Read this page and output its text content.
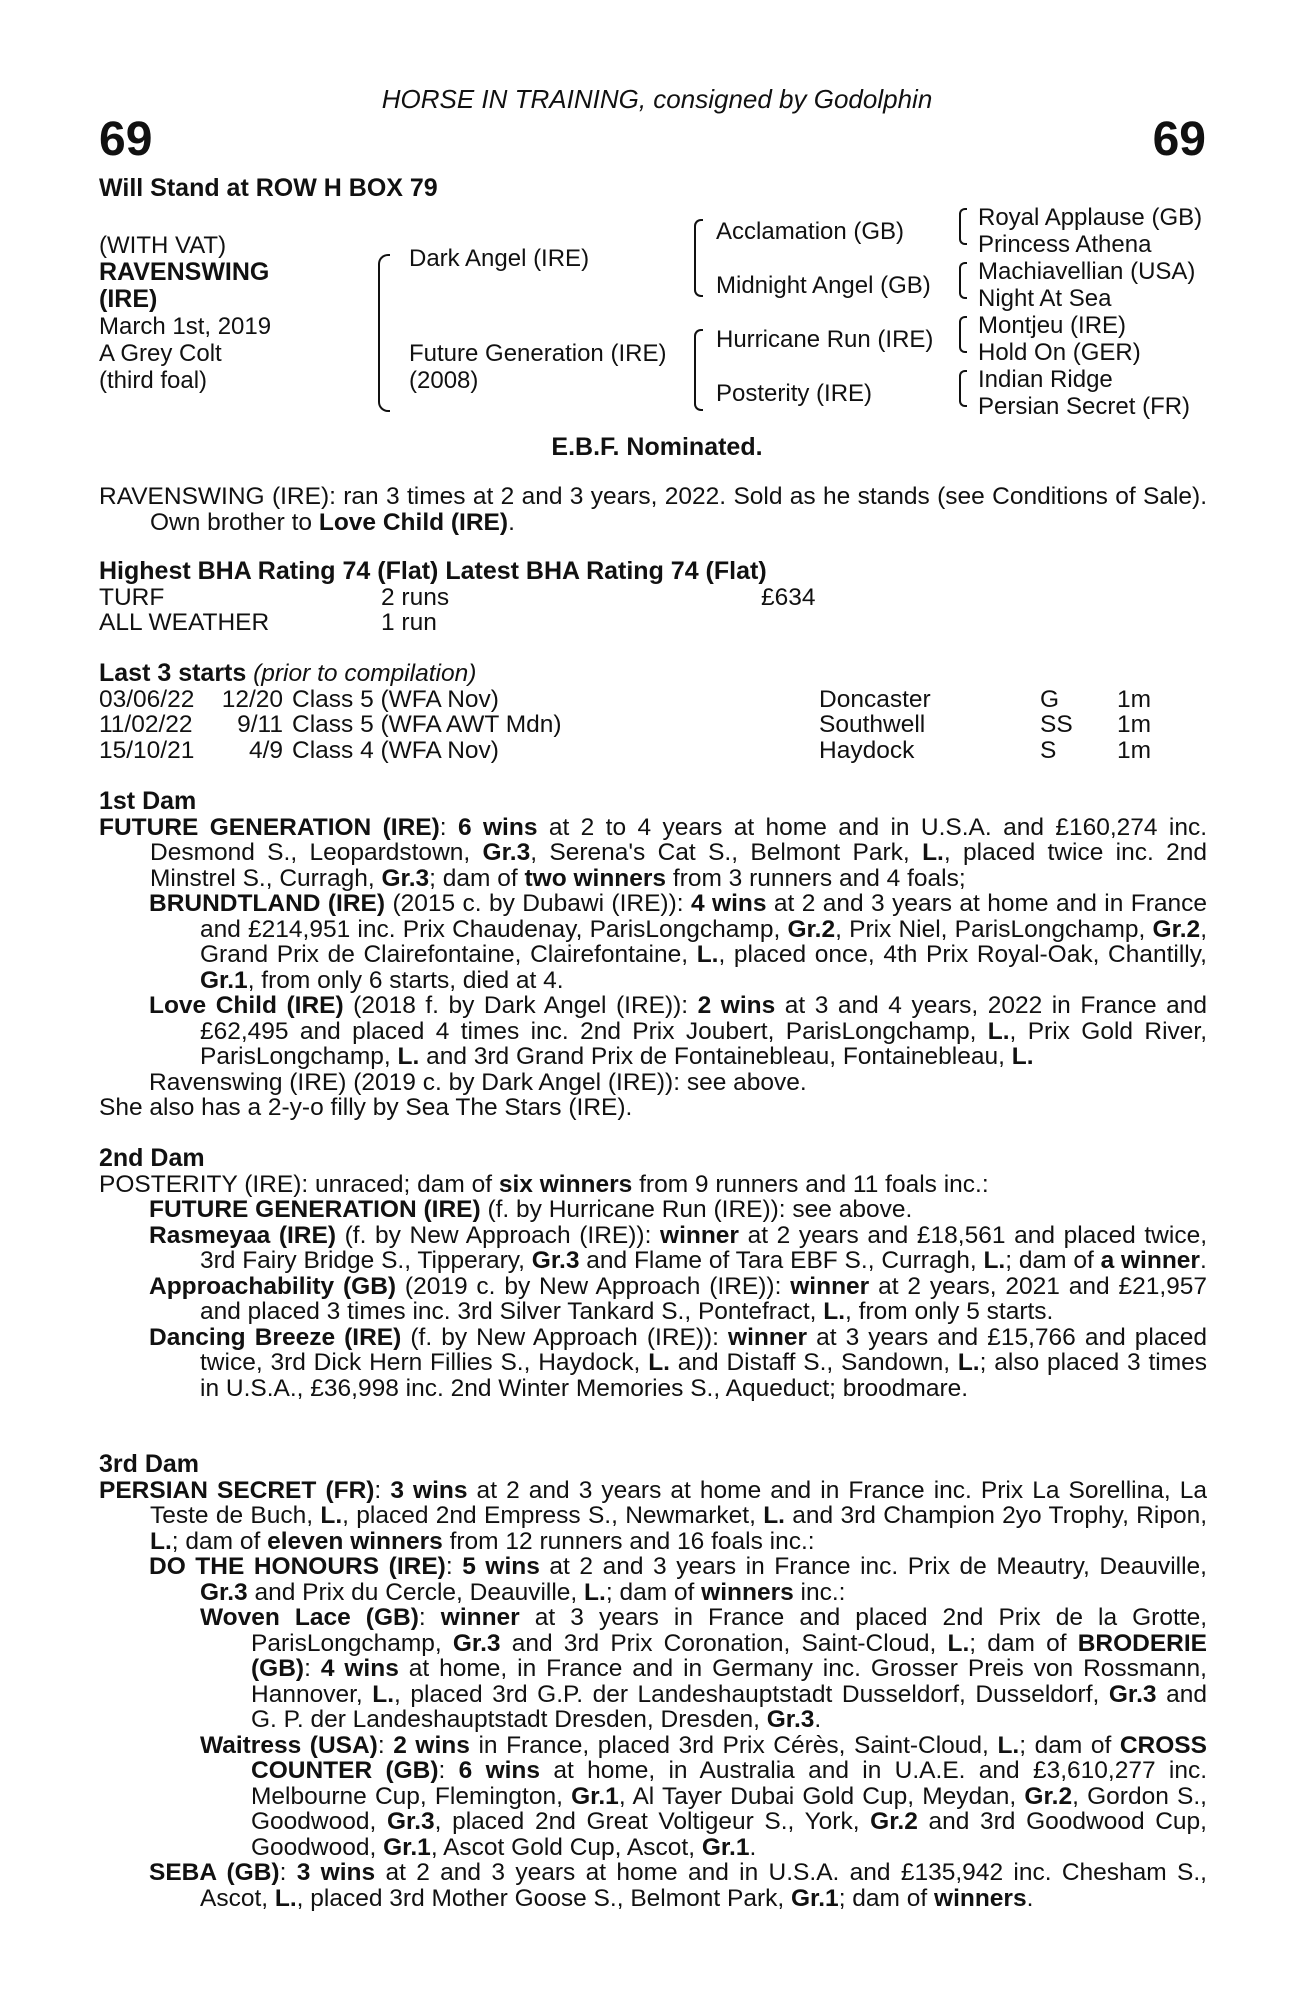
HORSE IN TRAINING, consigned by Godolphin
69	69
Will Stand at ROW H BOX 79
(WITH VAT)
RAVENSWING
(IRE)
March 1st, 2019
A Grey Colt
(third foal)
Dark Angel (IRE)
Future Generation (IRE)
(2008)
Acclamation (GB)
Midnight Angel (GB)
Hurricane Run (IRE)
Posterity (IRE)
Royal Applause (GB)
Princess Athena
Machiavellian (USA)
Night At Sea
Montjeu (IRE)
Hold On (GER)
Indian Ridge
Persian Secret (FR)
E.B.F. Nominated.

RAVENSWING (IRE): ran 3 times at 2 and 3 years, 2022. Sold as he stands (see Conditions of Sale). Own brother to Love Child (IRE).

Highest BHA Rating 74 (Flat) Latest BHA Rating 74 (Flat)
TURF	2 runs	£634
ALL WEATHER	1 run
Last 3 starts (prior to compilation)
03/06/22	12/20 Class 5 (WFA Nov)	Doncaster	G 1m
11/02/22	9/11 Class 5 (WFA AWT Mdn)	Southwell	SS 1m
15/10/21	4/9 Class 4 (WFA Nov)	Haydock	S 1m
1st Dam

FUTURE GENERATION (IRE): 6 wins at 2 to 4 years at home and in U.S.A. and £160,274 inc. Desmond S., Leopardstown, Gr.3, Serena's Cat S., Belmont Park, L., placed twice inc. 2nd Minstrel S., Curragh, Gr.3; dam of two winners from 3 runners and 4 foals;

BRUNDTLAND (IRE) (2015 c. by Dubawi (IRE)): 4 wins at 2 and 3 years at home and in France and £214,951 inc. Prix Chaudenay, ParisLongchamp, Gr.2, Prix Niel, ParisLongchamp, Gr.2, Grand Prix de Clairefontaine, Clairefontaine, L., placed once, 4th Prix Royal-Oak, Chantilly, Gr.1, from only 6 starts, died at 4.

Love Child (IRE) (2018 f. by Dark Angel (IRE)): 2 wins at 3 and 4 years, 2022 in France and £62,495 and placed 4 times inc. 2nd Prix Joubert, ParisLongchamp, L., Prix Gold River, ParisLongchamp, L. and 3rd Grand Prix de Fontainebleau, Fontainebleau, L.

Ravenswing (IRE) (2019 c. by Dark Angel (IRE)): see above.

She also has a 2-y-o filly by Sea The Stars (IRE).

2nd Dam

POSTERITY (IRE): unraced; dam of six winners from 9 runners and 11 foals inc.:

FUTURE GENERATION (IRE) (f. by Hurricane Run (IRE)): see above.

Rasmeyaa (IRE) (f. by New Approach (IRE)): winner at 2 years and £18,561 and placed twice, 3rd Fairy Bridge S., Tipperary, Gr.3 and Flame of Tara EBF S., Curragh, L.; dam of a winner.

Approachability (GB) (2019 c. by New Approach (IRE)): winner at 2 years, 2021 and £21,957 and placed 3 times inc. 3rd Silver Tankard S., Pontefract, L., from only 5 starts.

Dancing Breeze (IRE) (f. by New Approach (IRE)): winner at 3 years and £15,766 and placed twice, 3rd Dick Hern Fillies S., Haydock, L. and Distaff S., Sandown, L.; also placed 3 times in U.S.A., £36,998 inc. 2nd Winter Memories S., Aqueduct; broodmare.

3rd Dam

PERSIAN SECRET (FR): 3 wins at 2 and 3 years at home and in France inc. Prix La Sorellina, La Teste de Buch, L., placed 2nd Empress S., Newmarket, L. and 3rd Champion 2yo Trophy, Ripon, L.; dam of eleven winners from 12 runners and 16 foals inc.:

DO THE HONOURS (IRE): 5 wins at 2 and 3 years in France inc. Prix de Meautry, Deauville, Gr.3 and Prix du Cercle, Deauville, L.; dam of winners inc.:

Woven Lace (GB): winner at 3 years in France and placed 2nd Prix de la Grotte, ParisLongchamp, Gr.3 and 3rd Prix Coronation, Saint-Cloud, L.; dam of BRODERIE (GB): 4 wins at home, in France and in Germany inc. Grosser Preis von Rossmann, Hannover, L., placed 3rd G.P. der Landeshauptstadt Dusseldorf, Dusseldorf, Gr.3 and G. P. der Landeshauptstadt Dresden, Dresden, Gr.3.

Waitress (USA): 2 wins in France, placed 3rd Prix Cérès, Saint-Cloud, L.; dam of CROSS COUNTER (GB): 6 wins at home, in Australia and in U.A.E. and £3,610,277 inc. Melbourne Cup, Flemington, Gr.1, Al Tayer Dubai Gold Cup, Meydan, Gr.2, Gordon S., Goodwood, Gr.3, placed 2nd Great Voltigeur S., York, Gr.2 and 3rd Goodwood Cup, Goodwood, Gr.1, Ascot Gold Cup, Ascot, Gr.1.

SEBA (GB): 3 wins at 2 and 3 years at home and in U.S.A. and £135,942 inc. Chesham S., Ascot, L., placed 3rd Mother Goose S., Belmont Park, Gr.1; dam of winners.
